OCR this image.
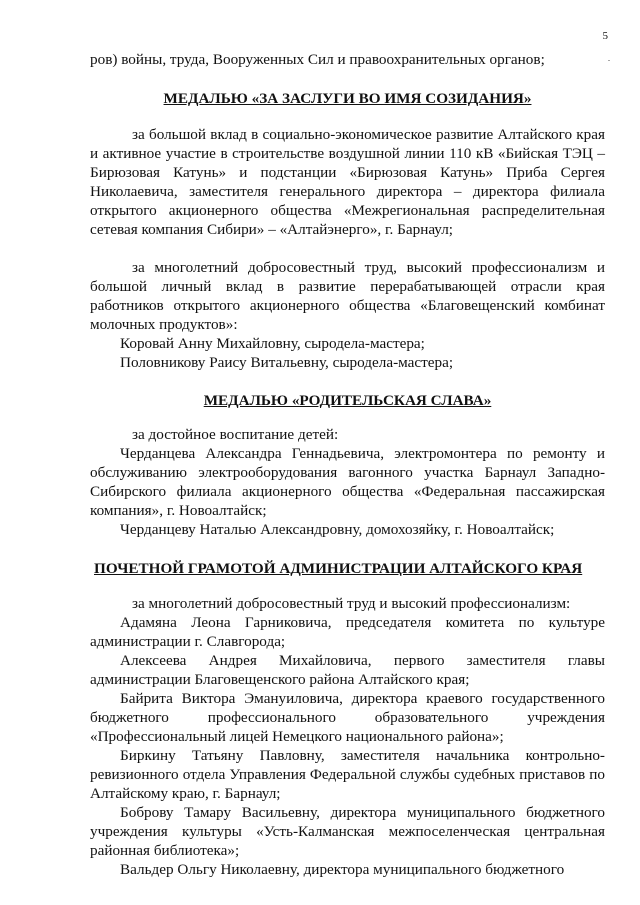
5
.

ров) войны, труда, Вооруженных Сил и правоохранительных органов;

МЕДАЛЬЮ «ЗА ЗАСЛУГИ ВО ИМЯ СОЗИДАНИЯ»

за большой вклад в социально-экономическое развитие Алтайского края и активное участие в строительстве воздушной линии 110 кВ «Бийская ТЭЦ – Бирюзовая Катунь» и подстанции «Бирюзовая Катунь» Приба Сергея Николаевича, заместителя генерального директора – директора филиала открытого акционерного общества «Межрегиональная распределительная сетевая компания Сибири» – «Алтайэнерго», г. Барнаул;

за многолетний добросовестный труд, высокий профессионализм и большой личный вклад в развитие перерабатывающей отрасли края работников открытого акционерного общества «Благовещенский комбинат молочных продуктов»:

Коровай Анну Михайловну, сыродела-мастера;

Половникову Раису Витальевну, сыродела-мастера;

МЕДАЛЬЮ «РОДИТЕЛЬСКАЯ СЛАВА»

за достойное воспитание детей:

Черданцева Александра Геннадьевича, электромонтера по ремонту и обслуживанию электрооборудования вагонного участка Барнаул Западно-Сибирского филиала акционерного общества «Федеральная пассажирская компания», г. Новоалтайск;

Черданцеву Наталью Александровну, домохозяйку, г. Новоалтайск;

ПОЧЕТНОЙ ГРАМОТОЙ АДМИНИСТРАЦИИ АЛТАЙСКОГО КРАЯ

за многолетний добросовестный труд и высокий профессионализм:

Адамяна Леона Гарниковича, председателя комитета по культуре администрации г. Славгорода;

Алексеева Андрея Михайловича, первого заместителя главы администрации Благовещенского района Алтайского края;

Байрита Виктора Эмануиловича, директора краевого государственного бюджетного профессионального образовательного учреждения «Профессиональный лицей Немецкого национального района»;

Биркину Татьяну Павловну, заместителя начальника контрольно-ревизионного отдела Управления Федеральной службы судебных приставов по Алтайскому краю, г. Барнаул;

Боброву Тамару Васильевну, директора муниципального бюджетного учреждения культуры «Усть-Калманская межпоселенческая центральная районная библиотека»;

Вальдер Ольгу Николаевну, директора муниципального бюджетного
